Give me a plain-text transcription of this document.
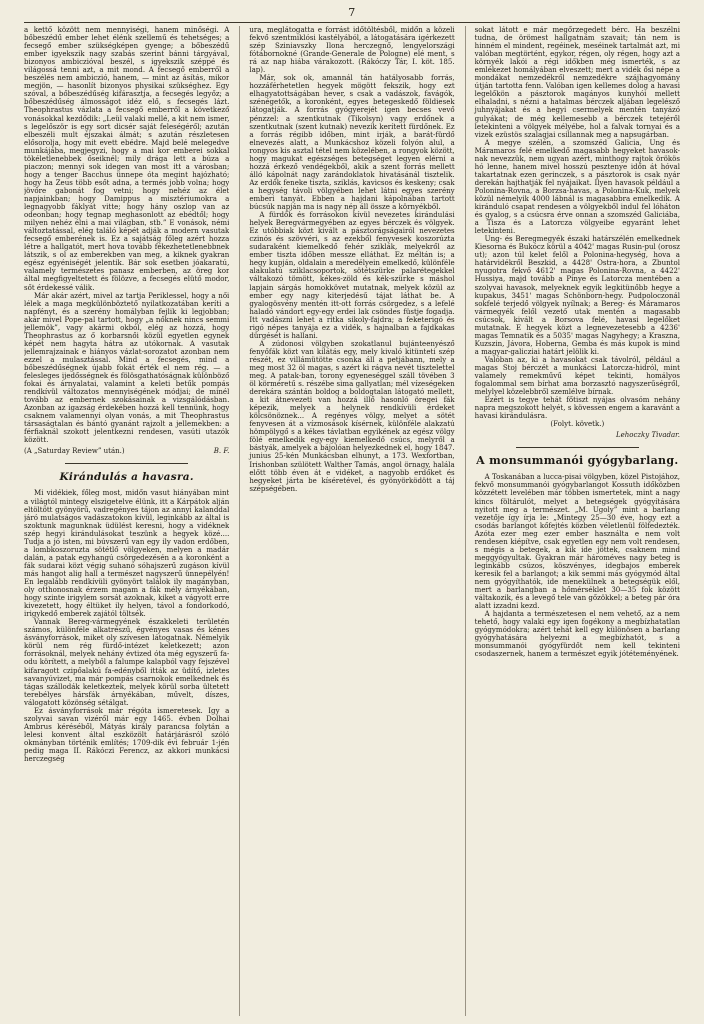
7

a kettő között nem mennyiségi, hanem minőségi. A bőbeszédű ember lehet élénk szellemű és tehetséges; a fecsegő ember szükségképen gyenge; a bőbeszédű ember igyekszik nagy szabás szerint bánni tárgyával, bizonyos ambiczióval beszél, s igyekszik széppé és világossá tenni azt, a mit mond. A fecsegő emberről a beszélés nem ambiczió, hanem, — mint az ásítás, mikor megjön, — hasonlít bizonyos physikai szükséghez. Egy szóval, a bőbeszédűség kifárasztja, a fecsegés legyőz; a bőbeszédűség álmosságot idéz elő, s fecsegés lázt. Theophrastus vázlata a fecsegő emberről a következő vonásokkal kezdődik: „Leül valaki mellé, a kit nem ismer, s legelőször is egy sort dicsér saját feleségéről; azután elbeszéli mult éjszakai álmát; s azután részletesen elősorolja, hogy mit evett ebédre. Majd belé melegedve munkájába, megjegyzi, hogy a mai kor emberei sokkal tökéletlenebbek őseiknél; mily drága lett a búza a piaczon; mennyi sok idegen van most itt a városban; hogy a tenger Bacchus ünnepe óta megint hajózható; hogy ha Zeus több esőt adna, a termés jobb volna; hogy jövőre gabonát fog vetni; hogy nehéz az élet napjainkban; hogy Damippus a misztériumokra a legnagyobb fáklyát vitte; hogy hány oszlop van az odeonban; hogy tegnap meghasonlott az ebédtől; hogy milyen nehéz élni a mai világban, stb.” E vonások, némi változtatással, elég találó képét adják a modern vasutak fecsegő emberének is. Ez a sajátság főleg azért hozza létre a hallgatót, mert hova tovább fékezhetetlenebbnek látszik, s ol az emberekben van meg, a kiknek gyakran egész egyéniségét jelentik. Bár sok esetben jóakaratú, valamely természetes panasz emberben, az öreg kor által megfigyeltetett és fölözve, a fecsegés elütő modor, sőt érdekessé válik.

Már akár azért, mivel az tartja Periklessel, hogy a női lélek a maga megkülönböztető nyilatkozatában keríti a napfényt, és a szerény homályban fejlik ki legjobban; akár mivel Pope-pal tartott, hogy „a nőknek nincs semmi jellemök”, vagy akármi okból, elég az hozzá, hogy Theophrastus az ő korbarsnői közül egyetlen egynek képét nem hagyta hátra az utókornak. A vasutak jellemrajzainak e hiányos vázlat-sorozatot azonban nem ezzel a mulasztással. Mind a fecsegés, mind a bőbeszédűségnek újabb fokát érték el nem rég. — a felesleges ijedősségnek és fölösgathatóságnak különböző fokai és árnyalatai, valamint a keleti betűk pompás rendkívül változatos mennyiségének módjai; de minél tovább az embernek szokásainak a vizsgálódásban. Azonban az igazság érdekében hozzá kell tennünk, hogy csaknem valamennyi olyan vonás, a mit Theophrastus társaságtalan és bántó gyanánt rajzolt a jellemekben: a férfiaknál szokott jelentkezni rendesen, vasúti utazók között.

(A „Saturday Review” után.)	B. F.
Kirándulás a havasra.

Mi vidékiek, főleg most, midőn vasut hiányában mint a világtól mintegy elszigetelve élünk, itt a Kárpátok alján eltöltött gyönyörű, vadregényes tájon az annyi kalanddal járó mulatságos vadászatokon kívül, leginkább az által is szoktunk magunknak üdülést keresni, hogy a vidéknek szép hegyi kirándulásokat teszünk a hegyek közé.... Tudja a jó isten, mi búvszerű van egy ily vadon erdőben, a lombkoszoruzta sötétlő völgyeken, melyen a madár dalán, a patak egyhangú csörgedezésén a a koronként a fák sudarai közt végig suhanó sóhajszerű zugáson kívül más hangot alig hall a természet nagyszerű ünnepélyén! En legalább rendkívüli gyönyört találok ily magányban, oly otthonosnak érzem magam a fák mély árnyékában, hogy szinte irigylem sorsát azoknak, kiket a vágyott erre kivezetett, hogy éltüket ily helyen, távol a fondorkodó, irigykedő emberek zajától töltsék.

Vannak Bereg-vármegyének északkeleti területén számos, különféle alkatrészű, égvényes vasas és kénes ásványforrások, miket oly szívesen látogatnak. Némelyik körül nem rég fürdő-intézet keletkezett; azon forrásoknál, melyek nehány évtized óta még egyszerű fa-odu körített, a melyből a falumpe kalapból vagy fejszével kifaragott czipőalakú fa-edényből itták az üdítő, izletes savanyúvizet, ma már pompás csarnokok emelkednek és tágas szállodák keletkeztek, melyek körül sorba ültetett terebélyes hársfák árnyékában, művelt, díszes, válogatott közönség sétálgat.

Ez ásványforrások már régóta ismeretesek. Igy a szolyvai savan vizéről már egy 1465. évben Dolhai Ambrus kéréséből, Mátyás király parancsa folytán a lelesi konvent által eszközölt határjárásról szóló okmányban történik említés; 1709-dik évi február 1-jén pedig maga II. Rákóczi Ferencz, az akkori munkácsi herczegség

ura, meglátogatta e forrást időtöltésből, midőn a közeli fekvő szentmiklósi kastélyából, a látogatására igérkezett szép Sziniavszky Ilona herczegnő, lengyelországi fótábornokné (Grande-Generale de Pologne) elé ment, s rá az nap hiába várakozott. (Rákóczy Tár, I. köt. 185. lap).

Már, sok ok, amannál tán hatályosabb forrás, hozzáférhetetlen hegyek mögött fekszik, hogy ezt elhagyatottságában hever, s csak a vadászok, favágók, szénégetők, a koronként, egyes betegeskedő földiesek látogatják. A forrás gyógyerejét igen becses vevő pénzzel: a szentkutnak (Tikolsyn) vagy erdőnek a szentkutnak (szent kutnak) nevezik kerített fürdőnek. Ez a forrás régibb időben, mint irják, a barát-fürdő elnevezés alatt, a Munkácshoz közeli folyón alul, a rongyos kis asztal tétel nem közelében, a rongyok között, hogy magukat egészséges betegséget legyen elérni a hozzá érkező vendégekből, akik a szent forrás mellett álló kápolnát nagy zarándoklatok hivatásánál tisztelik. Az erdők feneke tiszta, sziklás, kavicsos és keskeny; csak a hegység távoli völgyében lehet látni egyes szerény emberi tanyát. Ebben a hajdani kápolnában tartott búcsúk napján ma is nagy nép áll össze a környékből.

A fürdők és forrásokon kívül nevezetes kirándulási helyek Beregvármegyében az egyes bérczek és völgyek. Ez utóbbiak közt kivált a pásztorágságairól nevezetes czinós és szövvéri, s az ezekből fenyvesek koszorúzta sudaraként kiemelkedő fehér sziklák, melyekről az ember tiszta időben messze elláthat. Ez méltán is; a hegy kupján, oldalain a meredélyein emelkedő, különféle alakulatú sziklacsoportok, sötétszürke palarétegekkel váltakozó tömött, kékes-zöld és kék-szürke s máshol lapjain sárgás homokkövet mutatnak, melyek közül az ember egy nagy kiterjedésű tájat láthat be. A gyalogösvény mentén itt-ott forrás csörgedez, s a lefelé haladó vándort egy-egy erdei lak csöndes füstje fogadja. Itt vadászni lehet a ritka sikoly-fajdra; a feketerigó és rigó népes tanyája ez a vidék, s hajnalban a fajdkakas dürgését is hallani.

A zúdonosi völgyben szokatlanul bujánteenyésző fenyőfák közt van kilátás egy, mely kivaló kitünteti szép részét, ez villámütötte csonka áll a petjábann, mely a meg most 32 öl magas, s azért ki rágva nevét tisztelettel meg. A patak-ban, torony egyeneséggel száll tövében 3 öl körméretű s. részébe sima gallyatlan; mél vízeségeken derekára szántán boldog a boldogtalan látogató mellett, a kit átnevezeti van hozzá illő hasonló öregei fák képezik, melyek a helynek rendkívüli érdeket kölcsönöznek... A regényes völgy, melyet a sötét fenyvesen át a vízmosások kísérnek, különféle alakzatú hömpölygő s a kékes távlatban egyikének az egész völgy fölé emelkedik egy-egy kiemelkedő csúcs, melyről a bástyák, amelyek a bájolóan helyezkednek el, hogy 1847. junius 25-kén Munkácsban elhunyt, a 173. Wexfortban, Irishonban szülötett Walther Tamás, angol örnagy, halála előtt több éven át e vidéket, a nagyobb erdőket és hegyeket járta be kíséretével, és gyönyörködött a táj szépségében.

sokat látott e már megőrzegedett bérc. Ha beszélni tudna, de örömest hallgatnám szavait; tán nem is hinném el mindent, regéinek, meséinek tartalmát azt, mi valóban megtörtént, egykor, régen, oly régen, hogy azt a környék lakói a régi időkben még ismerték, s az emlékezet homályában elveszett; mert a vidék ősi népe a mondákat nemzedékről nemzedékre szájhagyomány útján tartotta fenn. Valóban igen kellemes dolog a havasi legelőkön a pásztorok magányos kunyhói mellett elhaladni, s nézni a hatalmas bérczek aljában legelésző juhnyájakat és a hegyi csermelyek mentén tanyázó gulyákat; de még kellemesebb a bérczek tetejéről letekinteni a völgyek mélyébe, hol a falvak tornyai és a vizek ezüstös szalagjai csillannak meg a napsugárban.

A megye szélén, a szomszéd Galicia, Ung és Máramaros felé emelkedő magasabb hegyeket havasok-nak nevezzük, nem ugyan azért, minthogy rajtok örökös hó lenne, hanem mivel hosszú pesztenye időn át hóval takartatnak ezen gerinczek, s a pásztorok is csak nyár derekán hajthatják fel nyájaikat. Ilyen havasok például a Polonina-Rovna, a Borzsa-havas, a Polonina-Kuk, melyek közül némelyik 4000 lábnál is magasabbra emelkedik. A kiránduló csapat rendesen a völgyekből indul fel lóháton és gyalog, s a csúcsra érve onnan a szomszéd Galiciába, a Tisza és a Latorcza völgyeibe egyaránt lehet letekinteni.

Ung- és Beregmegyék északi határszélén emelkednek Kiesorna és Bukócz körül a 4042' magas Rusin-pul (orosz ut); azon túl kelet felől a Polonina-hegység, hova a határvidékről Beszkid, a 4428' Ostra-hora, a Zbuntol nyugotra fekvő 4612' magas Polonina-Rovna, a 4422' Hussiya, majd tovább a Pinye és Latorcza mentében a szolyvai havasok, melyeknek egyik legkitünőbb hegye a kupakus, 3451' magas Schönborn-hegy. Pudpoloczonál sokfelé terjedő völgyek nyílnak; a Bereg- és Máramaros vármegyék felől vezető utak mentén a magasabb csúcsok, kivált a Borsova felé, havasi legelőket mutatnak. E hegyek közt a legnevezetesebb a 4236' magas Temnatik és a 5035' magas Nagyhegy; a Kraszna, Kuzszin, Jávora, Hoberna, Gemba és más kupok is mind a magyar-galicziai határt jelölik ki.

Valóban az, ki a havasokat csak távolról, például a magas Stoj bérczét a munkácsi Latorcza-hidról, mint valamely remekművű képet tekinti, homályos fogalommal sem bírhat ama borzasztó nagyszerűségről, melylyel közelebbről szemlélve bírnak.

Ezért is tegye tehát főtiszt nyájas olvasóm nehány napra megszokott helyét, s kövessen engem a karavánt a havasi kirándulásra.

(Folyt. követk.)
Lehoczky Tivadar.
A monsummanói gyógybarlang.

A Toskanában a lucca-pisai völgyben, közel Pistojához, fekvő monsummanói gyógybarlangot Kossuth időközben közzétett levelében már többen ismertetek, mint a nagy kincs föltárulót, melyet a betegségek gyógyítására nyitott meg a természet. „M. Ugoly” mint a barlang vezetője így írja le: „Mintegy 25—30 éve, hogy ezt a csodás barlangot kőfejtés közben véletlenül fölfedezték. Azóta ezer meg ezer ember használta e nem volt rendesen kiépítve, csak egyetlen egy nem volt rendesen, s mégis a betegek, a kik ide jöttek, csaknem mind meggyógyultak. Gyakran már hároméves nagy beteg is leginkább csúzos, köszvényes, idegbajos emberek keresik fel a barlangot; a kik semmi más gyógymód által nem gyógyíthatók, ide menekülnek a betegségük elől, mert a barlangban a hőmérséklet 30—35 fok között váltakozik, és a levegő tele van gőzökkel; a beteg pár óra alatt izzadni kezd.

A hajdanta a természetesen el nem vehető, az a nem tehető, hogy valaki egy igen fogékony a megbízhatatlan gyógymódokra; azért tehát kell egy különösen a barlang gyógyhatására helyezni a megbízhatót, s a monsummanói gyógyfürdőt nem kell tekinteni csodaszernek, hanem a természet egyik jótéteményének.
